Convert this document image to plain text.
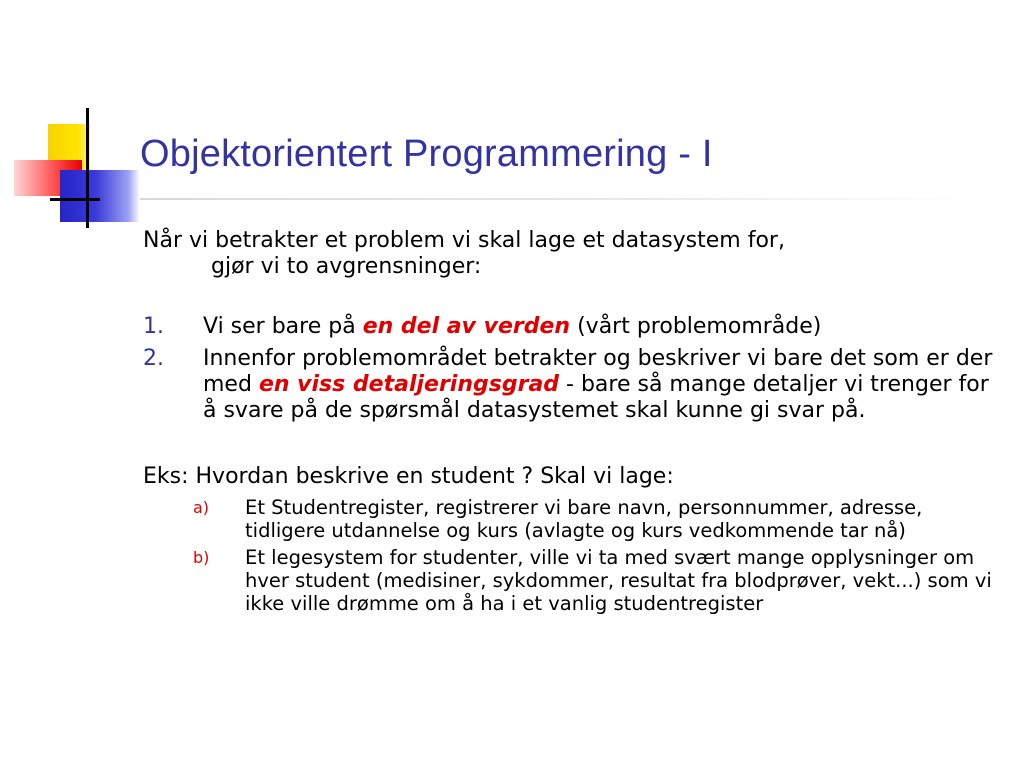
Objektorientert Programmering - I

Når vi betrakter et problem vi skal lage et datasystem for,

gjør vi to avgrensninger:

1.	Vi ser bare på en del av verden (vårt problemområde)
2.	Innenfor problemområdet betrakter og beskriver vi bare det som er der med en viss detaljeringsgrad - bare så mange detaljer vi trenger for å svare på de spørsmål datasystemet skal kunne gi svar på.

Eks: Hvordan beskrive en student ? Skal vi lage:

a)	Et Studentregister, registrerer vi bare navn, personnummer, adresse, tidligere utdannelse og kurs (avlagte og kurs vedkommende tar nå)
b)	Et legesystem for studenter, ville vi ta med svært mange opplysninger om hver student (medisiner, sykdommer, resultat fra blodprøver, vekt...) som vi ikke ville drømme om å ha i et vanlig studentregister
